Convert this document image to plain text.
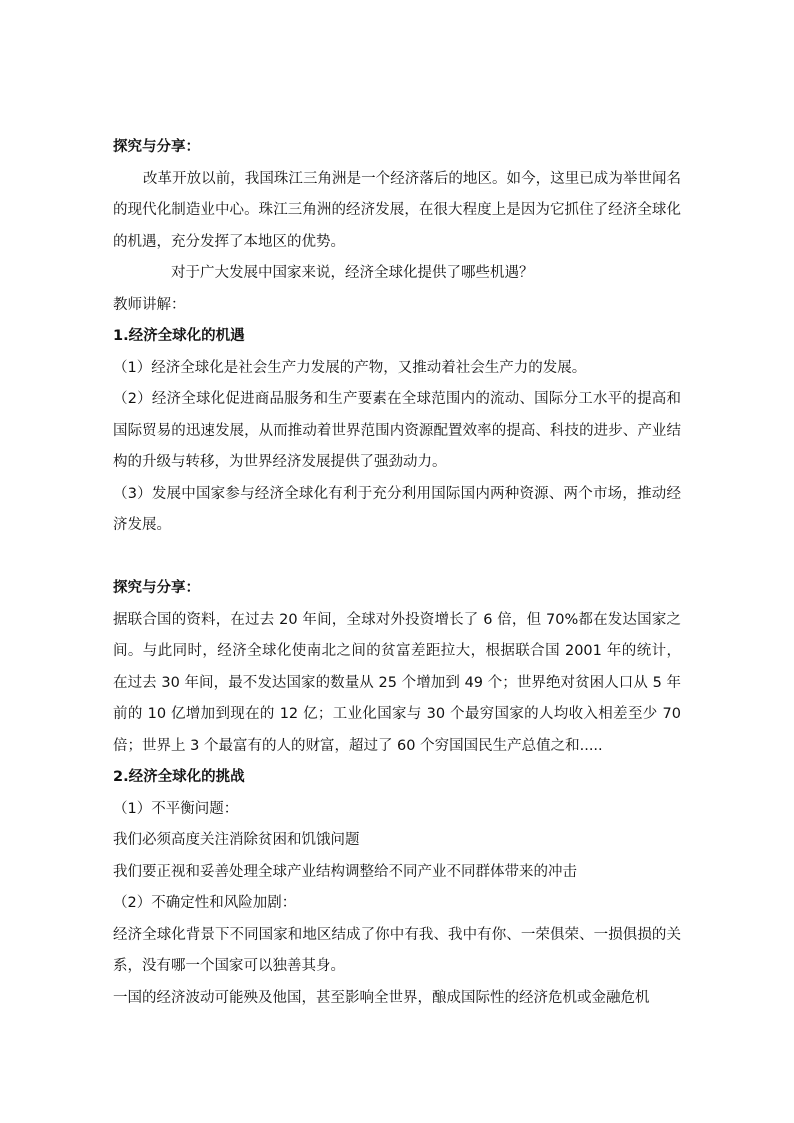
探究与分享：
改革开放以前，我国珠江三角洲是一个经济落后的地区。如今，这里已成为举世闻名的现代化制造业中心。珠江三角洲的经济发展，在很大程度上是因为它抓住了经济全球化的机遇，充分发挥了本地区的优势。
对于广大发展中国家来说，经济全球化提供了哪些机遇？
教师讲解：
1.经济全球化的机遇
（1）经济全球化是社会生产力发展的产物，又推动着社会生产力的发展。
（2）经济全球化促进商品服务和生产要素在全球范围内的流动、国际分工水平的提高和国际贸易的迅速发展，从而推动着世界范围内资源配置效率的提高、科技的进步、产业结构的升级与转移，为世界经济发展提供了强劲动力。
（3）发展中国家参与经济全球化有利于充分利用国际国内两种资源、两个市场，推动经济发展。
探究与分享：
据联合国的资料，在过去 20 年间，全球对外投资增长了 6 倍，但 70%都在发达国家之间。与此同时，经济全球化使南北之间的贫富差距拉大，根据联合国 2001 年的统计，在过去 30 年间，最不发达国家的数量从 25 个增加到 49 个；世界绝对贫困人口从 5 年前的 10 亿增加到现在的 12 亿；工业化国家与 30 个最穷国家的人均收入相差至少 70 倍；世界上 3 个最富有的人的财富，超过了 60 个穷国国民生产总值之和.....
2.经济全球化的挑战
（1）不平衡问题：
我们必须高度关注消除贫困和饥饿问题
我们要正视和妥善处理全球产业结构调整给不同产业不同群体带来的冲击
（2）不确定性和风险加剧：
经济全球化背景下不同国家和地区结成了你中有我、我中有你、一荣俱荣、一损俱损的关系，没有哪一个国家可以独善其身。
一国的经济波动可能殃及他国，甚至影响全世界，酿成国际性的经济危机或金融危机
